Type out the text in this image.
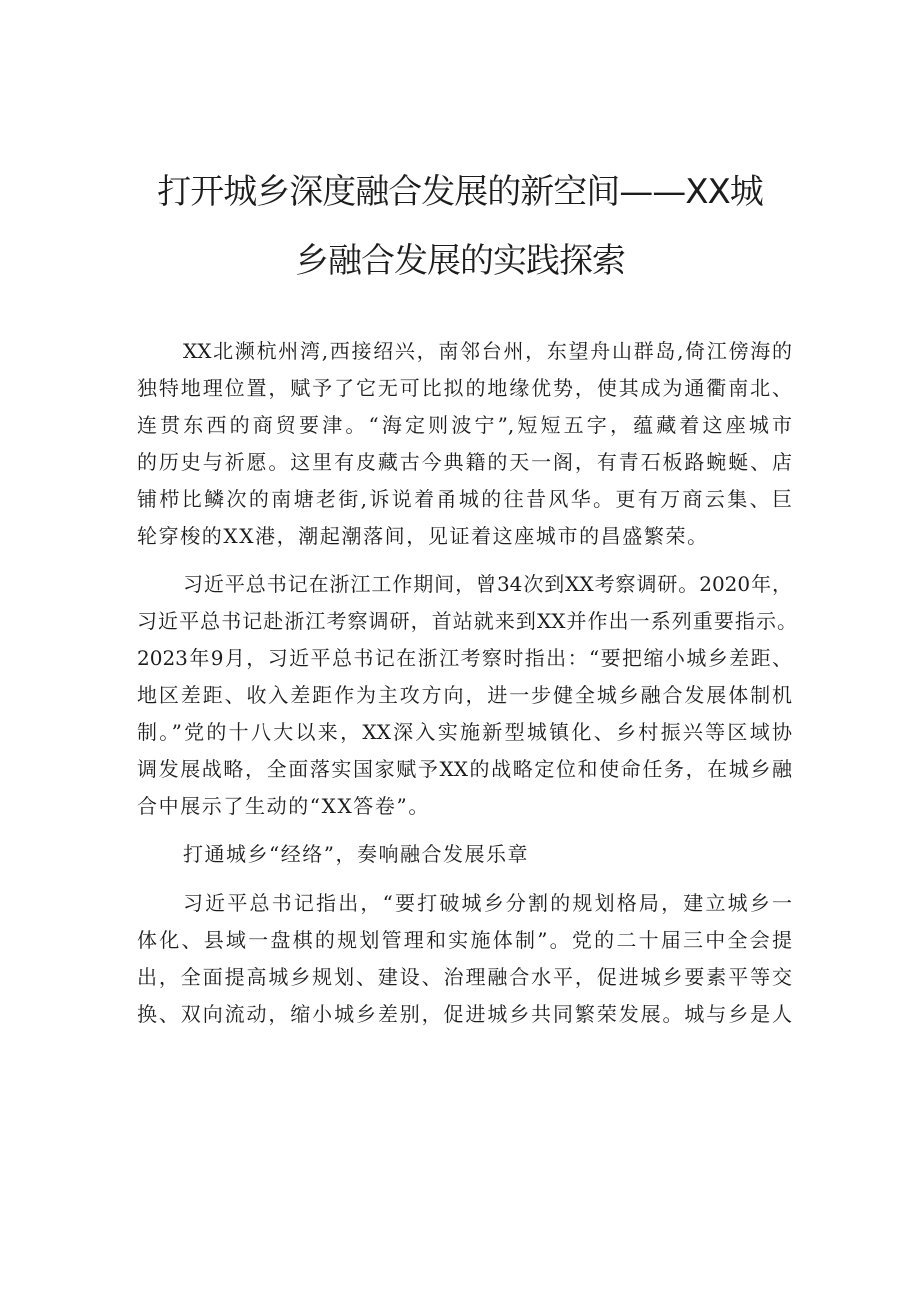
打开城乡深度融合发展的新空间——XX城
乡融合发展的实践探索
XX北濒杭州湾,西接绍兴，南邻台州，东望舟山群岛,倚江傍海的
独特地理位置，赋予了它无可比拟的地缘优势，使其成为通衢南北、
连贯东西的商贸要津。“海定则波宁”,短短五字，蕴藏着这座城市
的历史与祈愿。这里有皮藏古今典籍的天一阁，有青石板路蜿蜒、店
铺栉比鳞次的南塘老街,诉说着甬城的往昔风华。更有万商云集、巨
轮穿梭的XX港，潮起潮落间，见证着这座城市的昌盛繁荣。
习近平总书记在浙江工作期间，曾34次到XX考察调研。2020年，
习近平总书记赴浙江考察调研，首站就来到XX并作出一系列重要指示。
2023年9月，习近平总书记在浙江考察时指出：“要把缩小城乡差距、
地区差距、收入差距作为主攻方向，进一步健全城乡融合发展体制机
制。”党的十八大以来，XX深入实施新型城镇化、乡村振兴等区域协
调发展战略，全面落实国家赋予XX的战略定位和使命任务，在城乡融
合中展示了生动的“XX答卷”。
打通城乡“经络”，奏响融合发展乐章
习近平总书记指出，“要打破城乡分割的规划格局，建立城乡一
体化、县域一盘棋的规划管理和实施体制”。党的二十届三中全会提
出，全面提高城乡规划、建设、治理融合水平，促进城乡要素平等交
换、双向流动，缩小城乡差别，促进城乡共同繁荣发展。城与乡是人
